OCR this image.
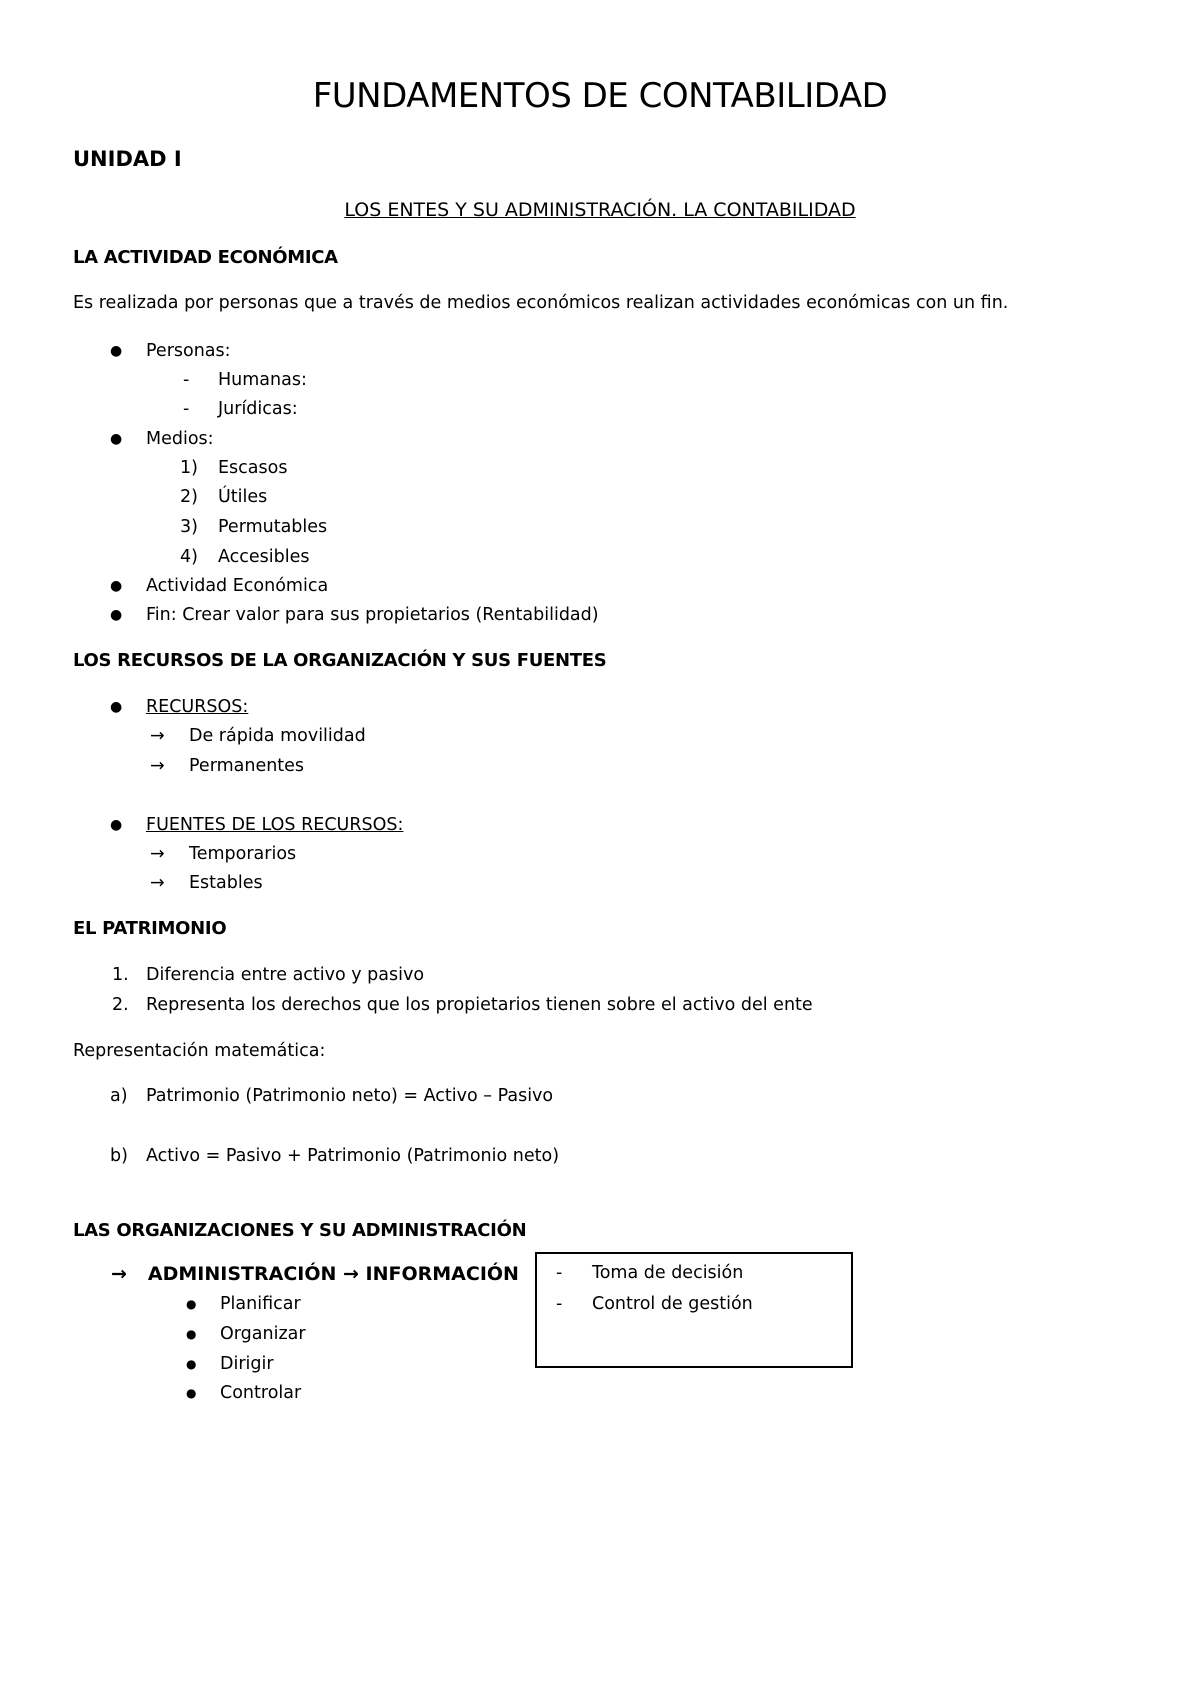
FUNDAMENTOS DE CONTABILIDAD
UNIDAD I
LOS ENTES Y SU ADMINISTRACIÓN. LA CONTABILIDAD
LA ACTIVIDAD ECONÓMICA
Es realizada por personas que a través de medios económicos realizan actividades económicas con un fin.
● Personas:
- Humanas:
- Jurídicas:
● Medios:
1) Escasos
2) Útiles
3) Permutables
4) Accesibles
● Actividad Económica
● Fin: Crear valor para sus propietarios (Rentabilidad)
LOS RECURSOS DE LA ORGANIZACIÓN Y SUS FUENTES
● RECURSOS:
→ De rápida movilidad
→ Permanentes
● FUENTES DE LOS RECURSOS:
→ Temporarios
→ Estables
EL PATRIMONIO
1. Diferencia entre activo y pasivo
2. Representa los derechos que los propietarios tienen sobre el activo del ente
Representación matemática:
a) Patrimonio (Patrimonio neto) = Activo – Pasivo
b) Activo = Pasivo + Patrimonio (Patrimonio neto)
LAS ORGANIZACIONES Y SU ADMINISTRACIÓN
→ ADMINISTRACIÓN → INFORMACIÓN
● Planificar
● Organizar
● Dirigir
● Controlar
- Toma de decisión
- Control de gestión
